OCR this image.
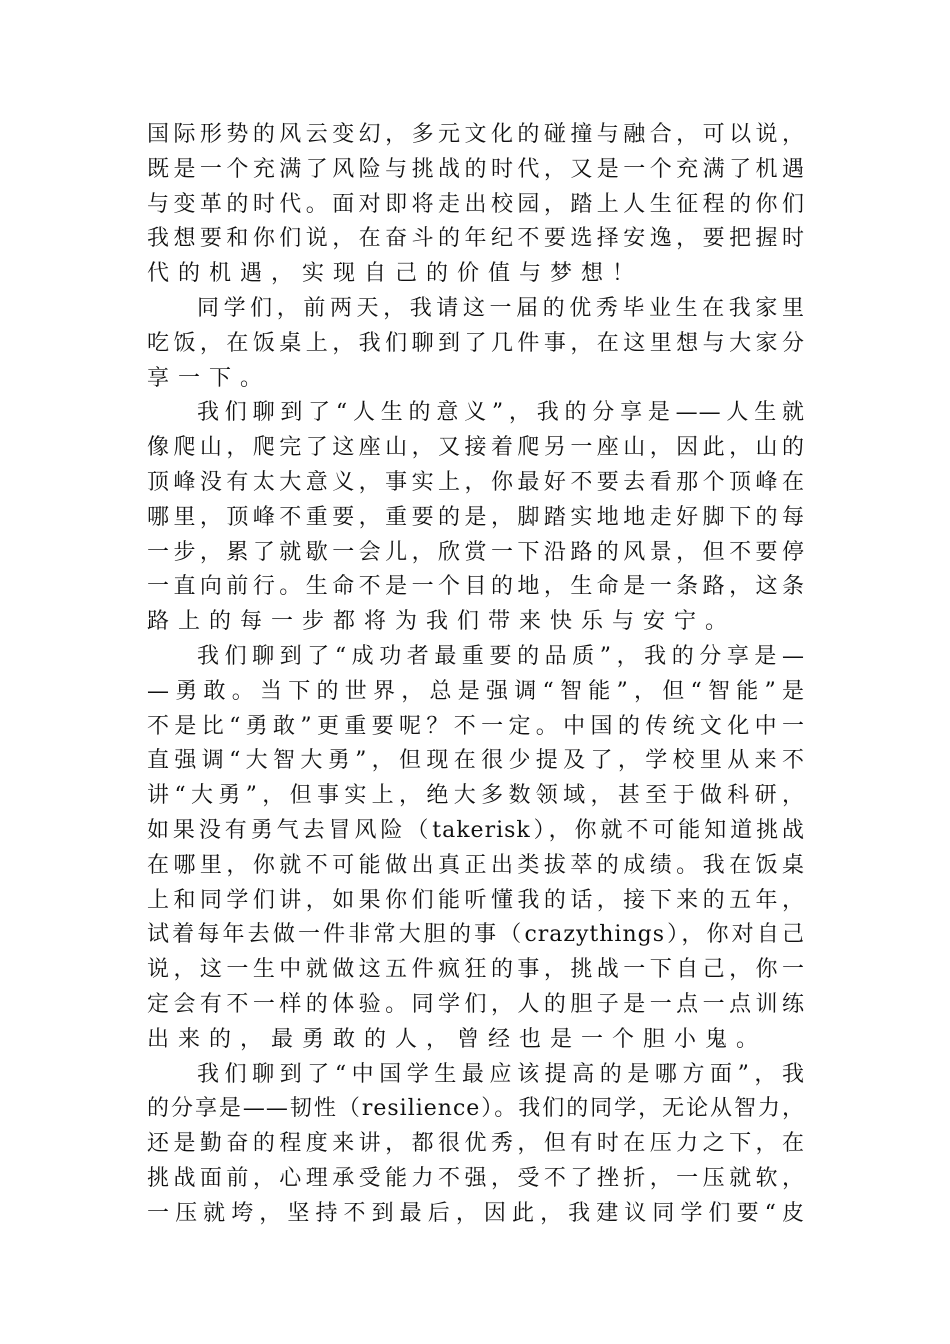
国际形势的风云变幻，多元文化的碰撞与融合，可以说，
既是一个充满了风险与挑战的时代，又是一个充满了机遇
与变革的时代。面对即将走出校园，踏上人生征程的你们
我想要和你们说，在奋斗的年纪不要选择安逸，要把握时
代的机遇，实现自己的价值与梦想！
同学们，前两天，我请这一届的优秀毕业生在我家里
吃饭，在饭桌上，我们聊到了几件事，在这里想与大家分
享一下。
我们聊到了“人生的意义”，我的分享是——人生就
像爬山，爬完了这座山，又接着爬另一座山，因此，山的
顶峰没有太大意义，事实上，你最好不要去看那个顶峰在
哪里，顶峰不重要，重要的是，脚踏实地地走好脚下的每
一步，累了就歇一会儿，欣赏一下沿路的风景，但不要停
一直向前行。生命不是一个目的地，生命是一条路，这条
路上的每一步都将为我们带来快乐与安宁。
我们聊到了“成功者最重要的品质”，我的分享是—
—勇敢。当下的世界，总是强调“智能”，但“智能”是
不是比“勇敢”更重要呢？不一定。中国的传统文化中一
直强调“大智大勇”，但现在很少提及了，学校里从来不
讲“大勇”，但事实上，绝大多数领域，甚至于做科研，
如果没有勇气去冒风险（takerisk），你就不可能知道挑战
在哪里，你就不可能做出真正出类拔萃的成绩。我在饭桌
上和同学们讲，如果你们能听懂我的话，接下来的五年，
试着每年去做一件非常大胆的事（crazythings），你对自己
说，这一生中就做这五件疯狂的事，挑战一下自己，你一
定会有不一样的体验。同学们，人的胆子是一点一点训练
出来的，最勇敢的人，曾经也是一个胆小鬼。
我们聊到了“中国学生最应该提高的是哪方面”，我
的分享是——韧性（resilience）。我们的同学，无论从智力，
还是勤奋的程度来讲，都很优秀，但有时在压力之下，在
挑战面前，心理承受能力不强，受不了挫折，一压就软，
一压就垮，坚持不到最后，因此，我建议同学们要“皮
